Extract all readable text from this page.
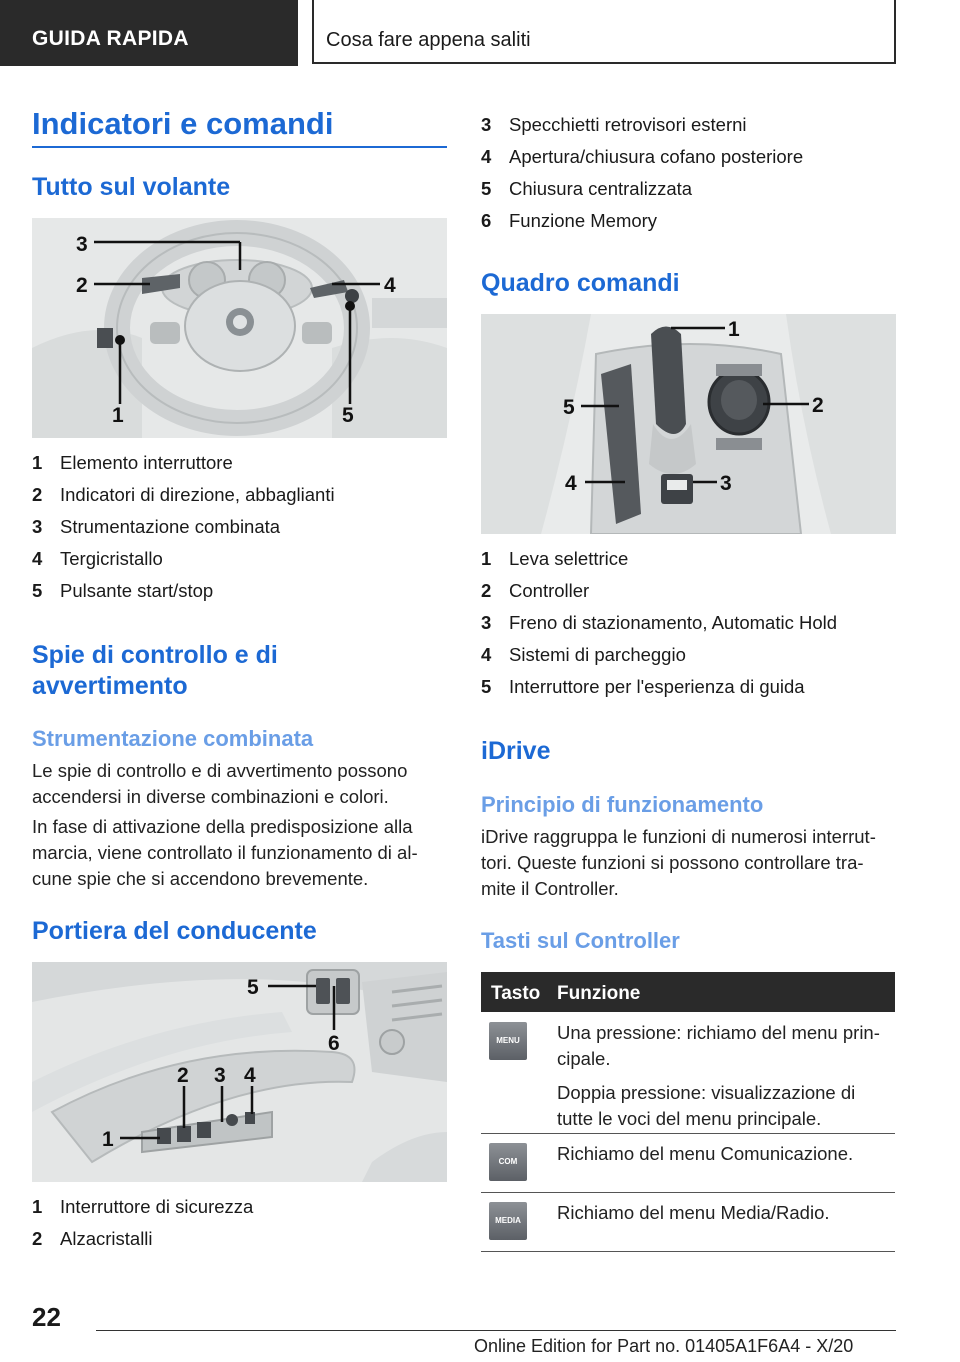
GUIDA RAPIDA	Cosa fare appena saliti
Indicatori e comandi
Tutto sul volante
3
2	4
1	5
1 Elemento interruttore
2 Indicatori di direzione, abbaglianti
3 Strumentazione combinata
4 Tergicristallo
5 Pulsante start/stop
Spie di controllo e di
avvertimento
Strumentazione combinata
Le spie di controllo e di avvertimento possono
accendersi in diverse combinazioni e colori.
In fase di attivazione della predisposizione alla
marcia, viene controllato il funzionamento di al-
cune spie che si accendono brevemente.
Portiera del conducente
5
6
2 3 4
1
1 Interruttore di sicurezza
2 Alzacristalli
3 Specchietti retrovisori esterni
4 Apertura/chiusura cofano posteriore
5 Chiusura centralizzata
6 Funzione Memory
Quadro comandi
1
5	2
4	3
1 Leva selettrice
2 Controller
3 Freno di stazionamento, Automatic Hold
4 Sistemi di parcheggio
5 Interruttore per l'esperienza di guida
iDrive
Principio di funzionamento
iDrive raggruppa le funzioni di numerosi interrut-
tori. Queste funzioni si possono controllare tra-
mite il Controller.
Tasti sul Controller
Tasto Funzione
MENU	Una pressione: richiamo del menu prin-
cipale.
Doppia pressione: visualizzazione di
tutte le voci del menu principale.
COM	Richiamo del menu Comunicazione.
MEDIA	Richiamo del menu Media/Radio.
22
Online Edition for Part no. 01405A1F6A4 - X/20
